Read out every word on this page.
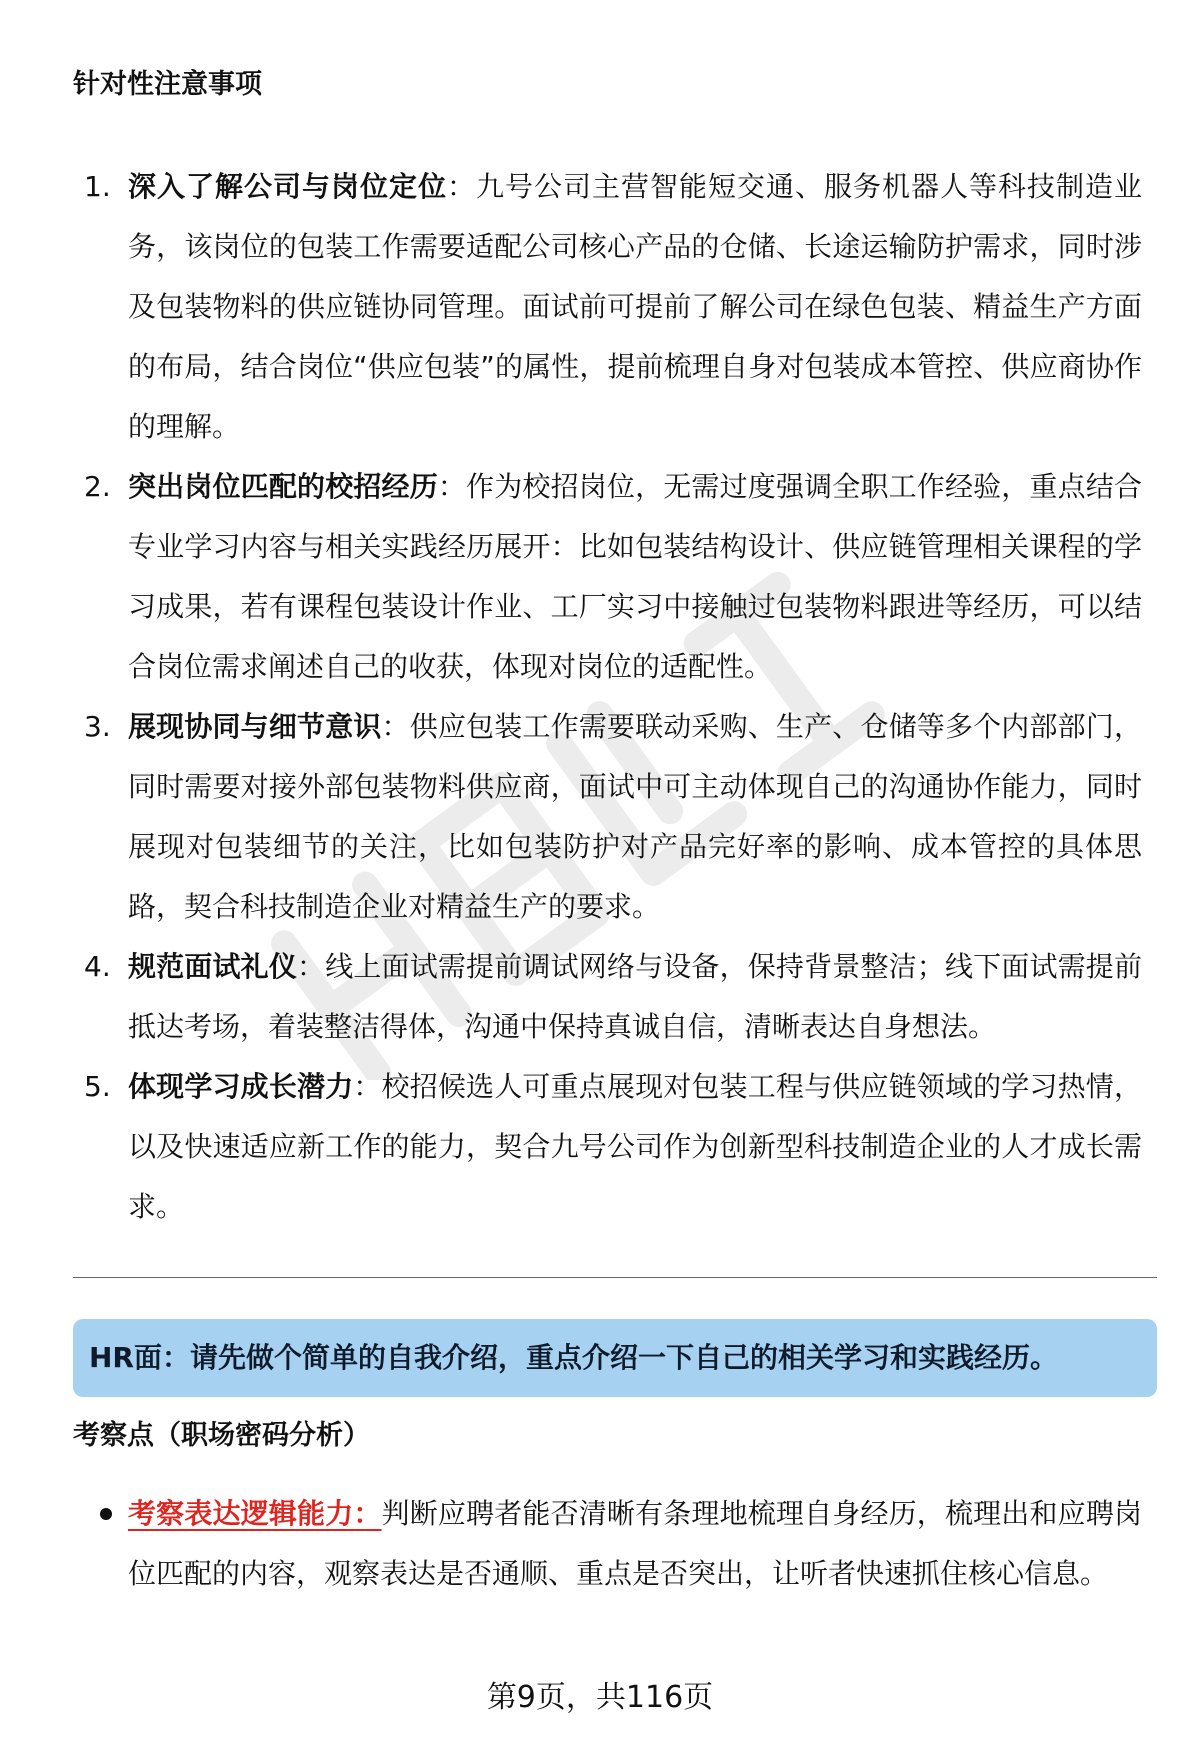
针对性注意事项
1. 深入了解公司与岗位定位：九号公司主营智能短交通、服务机器人等科技制造业务，该岗位的包装工作需要适配公司核心产品的仓储、长途运输防护需求，同时涉及包装物料的供应链协同管理。面试前可提前了解公司在绿色包装、精益生产方面的布局，结合岗位“供应包装”的属性，提前梳理自身对包装成本管控、供应商协作的理解。
2. 突出岗位匹配的校招经历：作为校招岗位，无需过度强调全职工作经验，重点结合专业学习内容与相关实践经历展开：比如包装结构设计、供应链管理相关课程的学习成果，若有课程包装设计作业、工厂实习中接触过包装物料跟进等经历，可以结合岗位需求阐述自己的收获，体现对岗位的适配性。
3. 展现协同与细节意识：供应包装工作需要联动采购、生产、仓储等多个内部部门，同时需要对接外部包装物料供应商，面试中可主动体现自己的沟通协作能力，同时展现对包装细节的关注，比如包装防护对产品完好率的影响、成本管控的具体思路，契合科技制造企业对精益生产的要求。
4. 规范面试礼仪：线上面试需提前调试网络与设备，保持背景整洁；线下面试需提前抵达考场，着装整洁得体，沟通中保持真诚自信，清晰表达自身想法。
5. 体现学习成长潜力：校招候选人可重点展现对包装工程与供应链领域的学习热情，以及快速适应新工作的能力，契合九号公司作为创新型科技制造企业的人才成长需求。
HR面：请先做个简单的自我介绍，重点介绍一下自己的相关学习和实践经历。
考察点（职场密码分析）
考察表达逻辑能力：判断应聘者能否清晰有条理地梳理自身经历，梳理出和应聘岗位匹配的内容，观察表达是否通顺、重点是否突出，让听者快速抓住核心信息。
第9页，共116页
